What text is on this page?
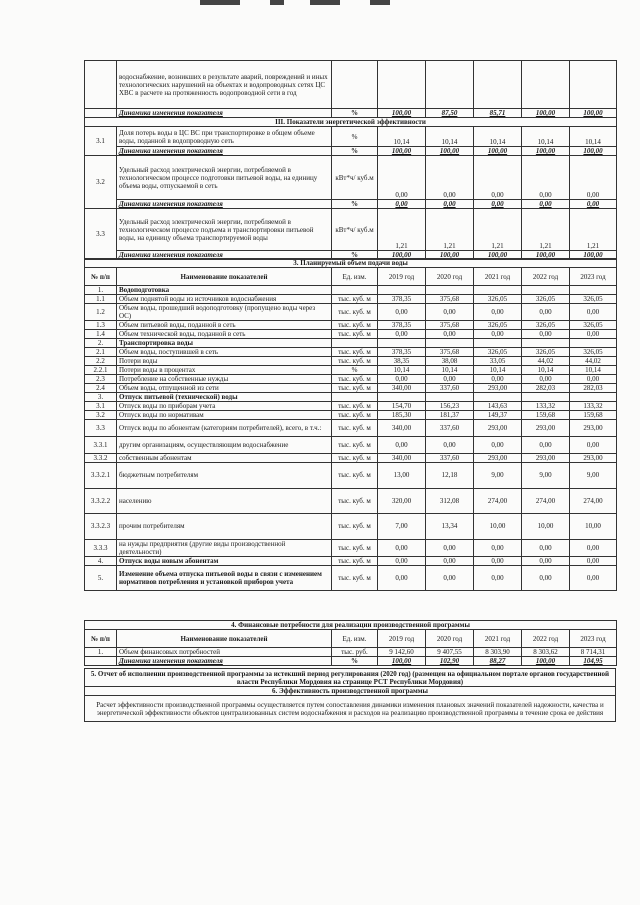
	водоснабжение, возникших в результате аварий, повреждений и иных технологических нарушений на объектах и водопроводных сетях ЦС ХВС в расчете на протяженность водопроводной сети в год						
	Динамика изменения показателя	%	100,00	87,50	85,71	100,00	100,00
III. Показатели энергетической эффективности							
3.1	Доля потерь воды в ЦС ВС при транспортировке в общем объеме воды, поданной в водопроводную сеть	%	10,14	10,14	10,14	10,14	10,14
	Динамика изменения показателя	%	100,00	100,00	100,00	100,00	100,00
3.2	Удельный расход электрической энергии, потребляемой в технологическом процессе подготовки питьевой воды, на единицу объема воды, отпускаемой в сеть	кВт*ч/ куб.м	0,00	0,00	0,00	0,00	0,00
	Динамика изменения показателя	%	0,00	0,00	0,00	0,00	0,00
3.3	Удельный расход электрической энергии, потребляемой в технологическом процессе подъема и транспортировки питьевой воды, на единицу объема транспортируемой воды	кВт*ч/ куб.м	1,21	1,21	1,21	1,21	1,21
	Динамика изменения показателя	%	100,00	100,00	100,00	100,00	100,00
3. Планируемый объем подачи воды							
№ п/п	Наименование показателей	Ед. изм.	2019 год	2020 год	2021 год	2022 год	2023 год
1.	Водоподготовка						
1.1	Объем поднятой воды из источников водоснабжения	тыс. куб. м	378,35	375,68	326,05	326,05	326,05
1.2	Объем воды, прошедший водоподготовку (пропущено воды через ОС)	тыс. куб. м	0,00	0,00	0,00	0,00	0,00
1.3	Объем питьевой воды, поданной в сеть	тыс. куб. м	378,35	375,68	326,05	326,05	326,05
1.4	Объем технической воды, поданной в сеть	тыс. куб. м	0,00	0,00	0,00	0,00	0,00
2.	Транспортировка воды						
2.1	Объем воды, поступившей в сеть	тыс. куб. м	378,35	375,68	326,05	326,05	326,05
2.2	Потери воды	тыс. куб. м	38,35	38,08	33,05	44,02	44,02
2.2.1	Потери воды в процентах	%	10,14	10,14	10,14	10,14	10,14
2.3	Потребление на собственные нужды	тыс. куб. м	0,00	0,00	0,00	0,00	0,00
2.4	Объем воды, отпущенной из сети	тыс. куб. м	340,00	337,60	293,00	282,03	282,03
3.	Отпуск питьевой (технической) воды						
3.1	Отпуск воды по приборам учета	тыс. куб. м	154,70	156,23	143,63	133,32	133,32
3.2	Отпуск воды по нормативам	тыс. куб. м	185,30	181,37	149,37	159,68	159,68
3.3	Отпуск воды по абонентам (категориям потребителей), всего, в т.ч.:	тыс. куб. м	340,00	337,60	293,00	293,00	293,00
3.3.1	другим организациям, осуществляющим водоснабжение	тыс. куб. м	0,00	0,00	0,00	0,00	0,00
3.3.2	собственным абонентам	тыс. куб. м	340,00	337,60	293,00	293,00	293,00
3.3.2.1	бюджетным потребителям	тыс. куб. м	13,00	12,18	9,00	9,00	9,00
3.3.2.2	населению	тыс. куб. м	320,00	312,08	274,00	274,00	274,00
3.3.2.3	прочим потребителям	тыс. куб. м	7,00	13,34	10,00	10,00	10,00
3.3.3	на нужды предприятия (другие виды производственной деятельности)	тыс. куб. м	0,00	0,00	0,00	0,00	0,00
4.	Отпуск воды новым абонентам	тыс. куб. м	0,00	0,00	0,00	0,00	0,00
5.	Изменение объема отпуска питьевой воды в связи с изменением нормативов потребления и установкой приборов учета	тыс. куб. м	0,00	0,00	0,00	0,00	0,00
4. Финансовые потребности для реализации производственной программы							
№ п/п	Наименование показателей	Ед. изм.	2019 год	2020 год	2021 год	2022 год	2023 год
1.	Объем финансовых потребностей	тыс. руб.	9 142,60	9 407,55	8 303,90	8 303,62	8 714,31
	Динамика изменения показателя	%	100,00	102,90	88,27	100,00	104,95
5. Отчет об исполнении производственной программы за истекший период регулирования (2020 год) (размещен на официальном портале органов государственной власти Республики Мордовия на странице РСТ Республики Мордовия)
6. Эффективность производственной программы
Расчет эффективности производственной программы осуществляется путем сопоставления динамики изменения плановых значений показателей надежности, качества и энергетической эффективности объектов централизованных систем водоснабжения и расходов на реализацию производственной программы в течение срока ее действия
